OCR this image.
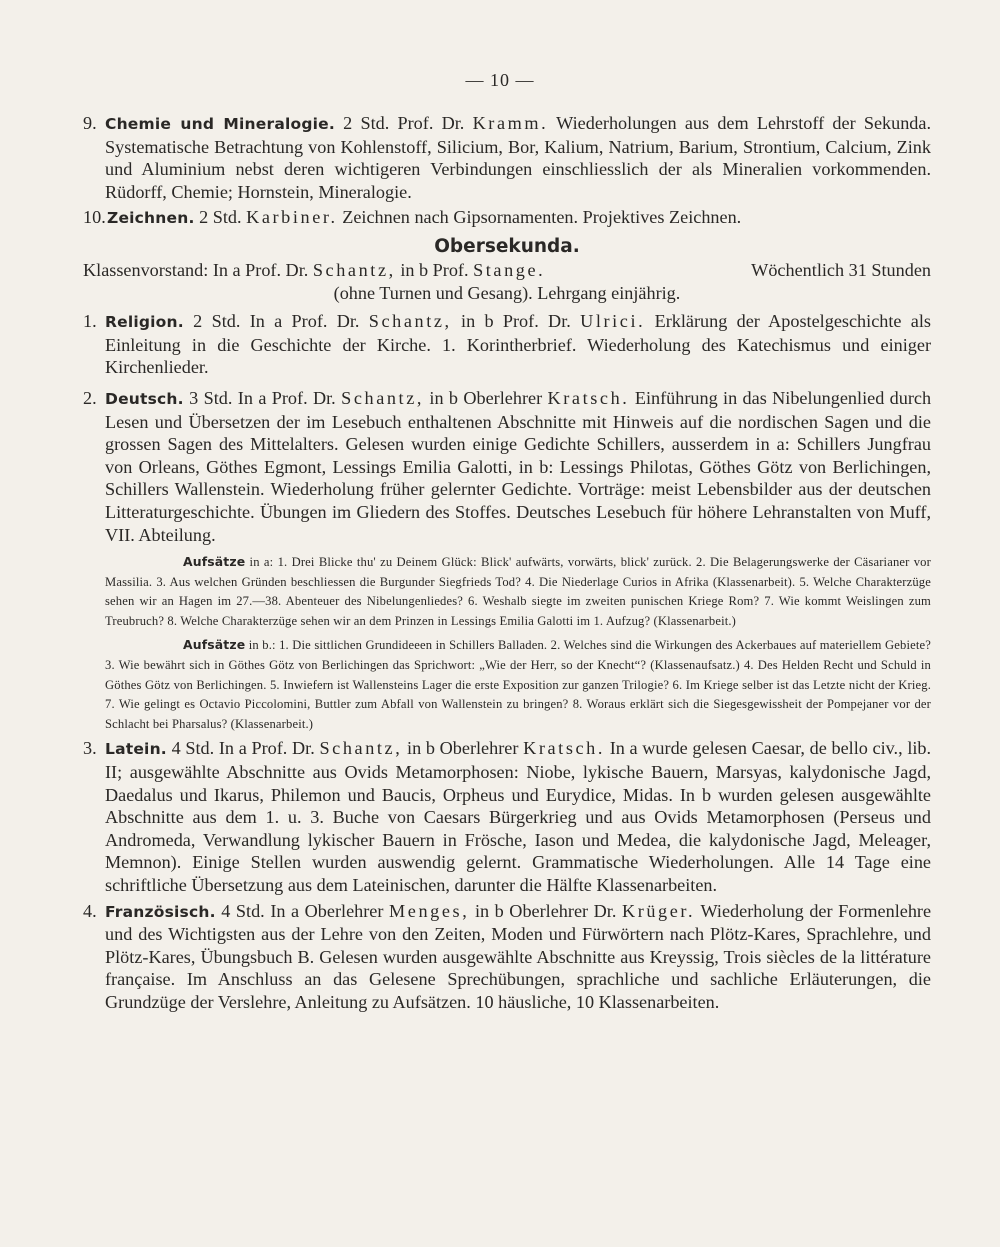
— 10 —
9. Chemie und Mineralogie. 2 Std. Prof. Dr. Kramm. Wiederholungen aus dem Lehrstoff der Sekunda. Systematische Betrachtung von Kohlenstoff, Silicium, Bor, Kalium, Natrium, Barium, Strontium, Calcium, Zink und Aluminium nebst deren wichtigeren Verbindungen einschliesslich der als Mineralien vorkommenden. Rüdorff, Chemie; Hornstein, Mineralogie.
10. Zeichnen. 2 Std. Karbiner. Zeichnen nach Gipsornamenten. Projektives Zeichnen.
Obersekunda.
Klassenvorstand: In a Prof. Dr. Schantz, in b Prof. Stange.	Wöchentlich 31 Stunden
(ohne Turnen und Gesang). Lehrgang einjährig.
1. Religion. 2 Std. In a Prof. Dr. Schantz, in b Prof. Dr. Ulrici. Erklärung der Apostelgeschichte als Einleitung in die Geschichte der Kirche. 1. Korintherbrief. Wiederholung des Katechismus und einiger Kirchenlieder.
2. Deutsch. 3 Std. In a Prof. Dr. Schantz, in b Oberlehrer Kratsch. Einführung in das Nibelungenlied durch Lesen und Übersetzen der im Lesebuch enthaltenen Abschnitte mit Hinweis auf die nordischen Sagen und die grossen Sagen des Mittelalters. Gelesen wurden einige Gedichte Schillers, ausserdem in a: Schillers Jungfrau von Orleans, Göthes Egmont, Lessings Emilia Galotti, in b: Lessings Philotas, Göthes Götz von Berlichingen, Schillers Wallenstein. Wiederholung früher gelernter Gedichte. Vorträge: meist Lebensbilder aus der deutschen Litteraturgeschichte. Übungen im Gliedern des Stoffes. Deutsches Lesebuch für höhere Lehranstalten von Muff, VII. Abteilung.
Aufsätze in a: 1. Drei Blicke thu' zu Deinem Glück: Blick' aufwärts, vorwärts, blick' zurück. 2. Die Belagerungswerke der Cäsarianer vor Massilia. 3. Aus welchen Gründen beschliessen die Burgunder Siegfrieds Tod? 4. Die Niederlage Curios in Afrika (Klassenarbeit). 5. Welche Charakterzüge sehen wir an Hagen im 27.—38. Abenteuer des Nibelungenliedes? 6. Weshalb siegte im zweiten punischen Kriege Rom? 7. Wie kommt Weislingen zum Treubruch? 8. Welche Charakterzüge sehen wir an dem Prinzen in Lessings Emilia Galotti im 1. Aufzug? (Klassenarbeit.)
Aufsätze in b.: 1. Die sittlichen Grundideeen in Schillers Balladen. 2. Welches sind die Wirkungen des Ackerbaues auf materiellem Gebiete? 3. Wie bewährt sich in Göthes Götz von Berlichingen das Sprichwort: „Wie der Herr, so der Knecht“? (Klassenaufsatz.) 4. Des Helden Recht und Schuld in Göthes Götz von Berlichingen. 5. Inwiefern ist Wallensteins Lager die erste Exposition zur ganzen Trilogie? 6. Im Kriege selber ist das Letzte nicht der Krieg. 7. Wie gelingt es Octavio Piccolomini, Buttler zum Abfall von Wallenstein zu bringen? 8. Woraus erklärt sich die Siegesgewissheit der Pompejaner vor der Schlacht bei Pharsalus? (Klassenarbeit.)
3. Latein. 4 Std. In a Prof. Dr. Schantz, in b Oberlehrer Kratsch. In a wurde gelesen Caesar, de bello civ., lib. II; ausgewählte Abschnitte aus Ovids Metamorphosen: Niobe, lykische Bauern, Marsyas, kalydonische Jagd, Daedalus und Ikarus, Philemon und Baucis, Orpheus und Eurydice, Midas. In b wurden gelesen ausgewählte Abschnitte aus dem 1. u. 3. Buche von Caesars Bürgerkrieg und aus Ovids Metamorphosen (Perseus und Andromeda, Verwandlung lykischer Bauern in Frösche, Iason und Medea, die kalydonische Jagd, Meleager, Memnon). Einige Stellen wurden auswendig gelernt. Grammatische Wiederholungen. Alle 14 Tage eine schriftliche Übersetzung aus dem Lateinischen, darunter die Hälfte Klassenarbeiten.
4. Französisch. 4 Std. In a Oberlehrer Menges, in b Oberlehrer Dr. Krüger. Wiederholung der Formenlehre und des Wichtigsten aus der Lehre von den Zeiten, Moden und Fürwörtern nach Plötz-Kares, Sprachlehre, und Plötz-Kares, Übungsbuch B. Gelesen wurden ausgewählte Abschnitte aus Kreyssig, Trois siècles de la littérature française. Im Anschluss an das Gelesene Sprechübungen, sprachliche und sachliche Erläuterungen, die Grundzüge der Verslehre, Anleitung zu Aufsätzen. 10 häusliche, 10 Klassenarbeiten.
